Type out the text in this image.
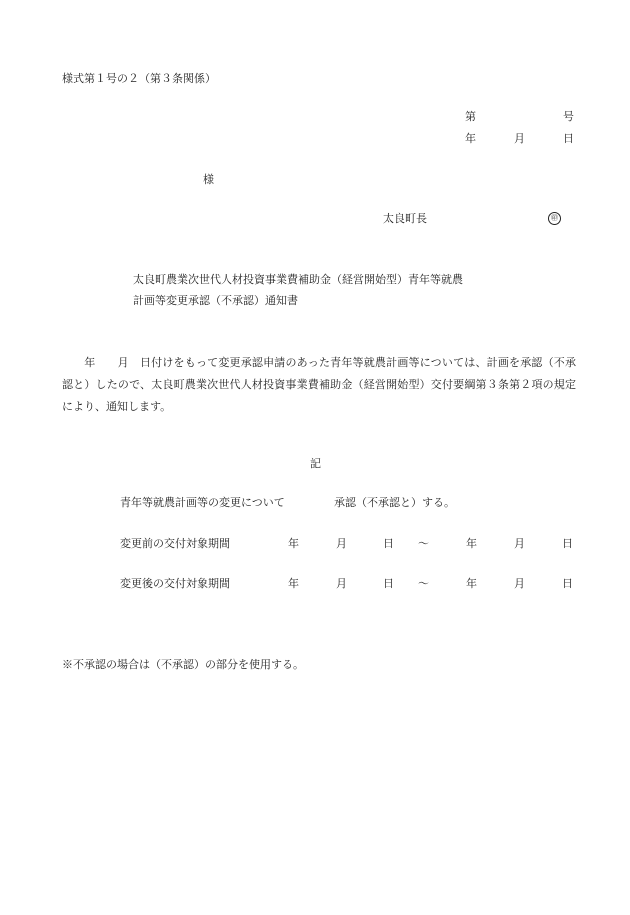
様式第１号の２（第３条関係）
第	号
年	月	日
様
太良町長	㊞
太良町農業次世代人材投資事業費補助金（経営開始型）青年等就農
計画等変更承認（不承認）通知書
年 月 日付けをもって変更承認申請のあった青年等就農計画等については、計画を承認（不承認と）したので、太良町農業次世代人材投資事業費補助金（経営開始型）交付要綱第３条第２項の規定により、通知します。
記
青年等就農計画等の変更について	承認（不承認と）する。
変更前の交付対象期間	年	月	日 ～	年	月	日
変更後の交付対象期間	年	月	日 ～	年	月	日
※不承認の場合は（不承認）の部分を使用する。
